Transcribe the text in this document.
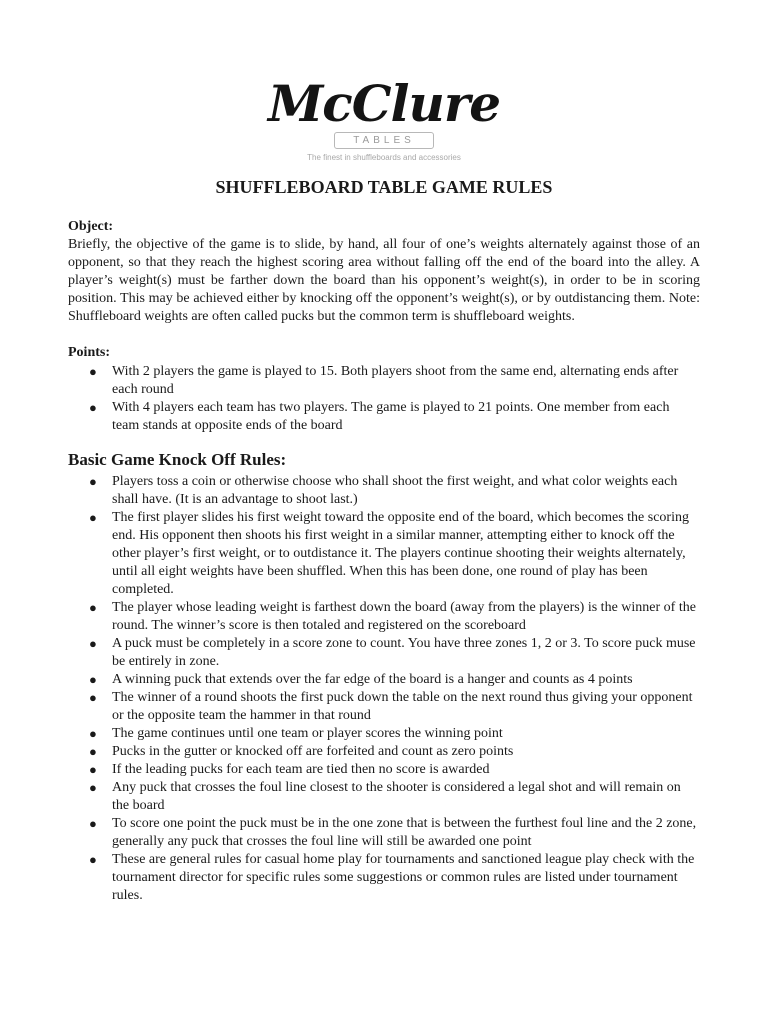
McClure
TABLES
The finest in shuffleboards and accessories
SHUFFLEBOARD TABLE GAME RULES

Object:

Briefly, the objective of the game is to slide, by hand, all four of one’s weights alternately against those of an opponent, so that they reach the highest scoring area without falling off the end of the board into the alley. A player’s weight(s) must be farther down the board than his opponent’s weight(s), in order to be in scoring position. This may be achieved either by knocking off the opponent’s weight(s), or by outdistancing them. Note: Shuffleboard weights are often called pucks but the common term is shuffleboard weights.

Points:

● With 2 players the game is played to 15. Both players shoot from the same end, alternating ends after each round
● With 4 players each team has two players. The game is played to 21 points. One member from each team stands at opposite ends of the board

Basic Game Knock Off Rules:

● Players toss a coin or otherwise choose who shall shoot the first weight, and what color weights each shall have. (It is an advantage to shoot last.)
● The first player slides his first weight toward the opposite end of the board, which becomes the scoring end. His opponent then shoots his first weight in a similar manner, attempting either to knock off the other player’s first weight, or to outdistance it. The players continue shooting their weights alternately, until all eight weights have been shuffled. When this has been done, one round of play has been completed.
● The player whose leading weight is farthest down the board (away from the players) is the winner of the round. The winner’s score is then totaled and registered on the scoreboard
● A puck must be completely in a score zone to count. You have three zones 1, 2 or 3. To score puck muse be entirely in zone.
● A winning puck that extends over the far edge of the board is a hanger and counts as 4 points
● The winner of a round shoots the first puck down the table on the next round thus giving your opponent or the opposite team the hammer in that round
● The game continues until one team or player scores the winning point
● Pucks in the gutter or knocked off are forfeited and count as zero points
● If the leading pucks for each team are tied then no score is awarded
● Any puck that crosses the foul line closest to the shooter is considered a legal shot and will remain on the board
● To score one point the puck must be in the one zone that is between the furthest foul line and the 2 zone, generally any puck that crosses the foul line will still be awarded one point
● These are general rules for casual home play for tournaments and sanctioned league play check with the tournament director for specific rules some suggestions or common rules are listed under tournament rules.
